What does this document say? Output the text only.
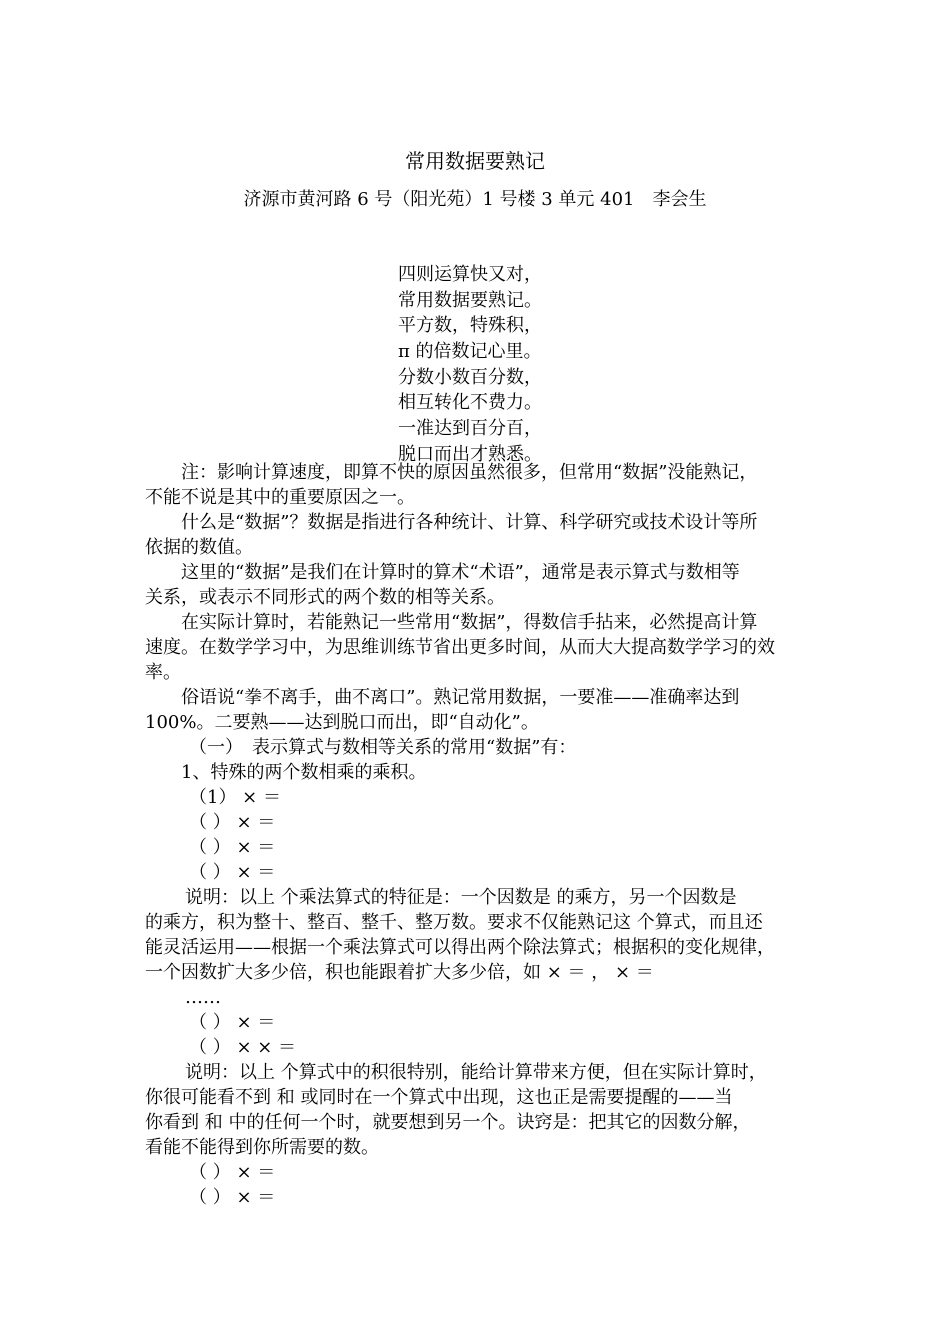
常用数据要熟记
济源市黄河路 6 号（阳光苑）1 号楼 3 单元 401　李会生
四则运算快又对，
常用数据要熟记。
平方数，特殊积，
π 的倍数记心里。
分数小数百分数，
相互转化不费力。
一准达到百分百，
脱口而出才熟悉。
注：影响计算速度，即算不快的原因虽然很多，但常用“数据”没能熟记，
不能不说是其中的重要原因之一。
什么是“数据”？数据是指进行各种统计、计算、科学研究或技术设计等所
依据的数值。
这里的“数据”是我们在计算时的算术“术语”，通常是表示算式与数相等
关系，或表示不同形式的两个数的相等关系。
在实际计算时，若能熟记一些常用“数据”，得数信手拈来，必然提高计算
速度。在数学学习中，为思维训练节省出更多时间，从而大大提高数学学习的效
率。
俗语说“拳不离手，曲不离口”。熟记常用数据，一要准——准确率达到
100%。二要熟——达到脱口而出，即“自动化”。
（一）　表示算式与数相等关系的常用“数据”有：
1、特殊的两个数相乘的乘积。
（1） × ＝
（ ） × ＝
（ ） × ＝
（ ） × ＝
说明：以上 个乘法算式的特征是：一个因数是 的乘方，另一个因数是
的乘方，积为整十、整百、整千、整万数。要求不仅能熟记这 个算式，而且还
能灵活运用——根据一个乘法算式可以得出两个除法算式；根据积的变化规律，
一个因数扩大多少倍，积也能跟着扩大多少倍，如 × ＝ ， × ＝
……
（ ） × ＝
（ ） × × ＝
说明：以上 个算式中的积很特别，能给计算带来方便，但在实际计算时，
你很可能看不到 和 或同时在一个算式中出现，这也正是需要提醒的——当
你看到 和 中的任何一个时，就要想到另一个。诀窍是：把其它的因数分解，
看能不能得到你所需要的数。
（ ） × ＝
（ ） × ＝
